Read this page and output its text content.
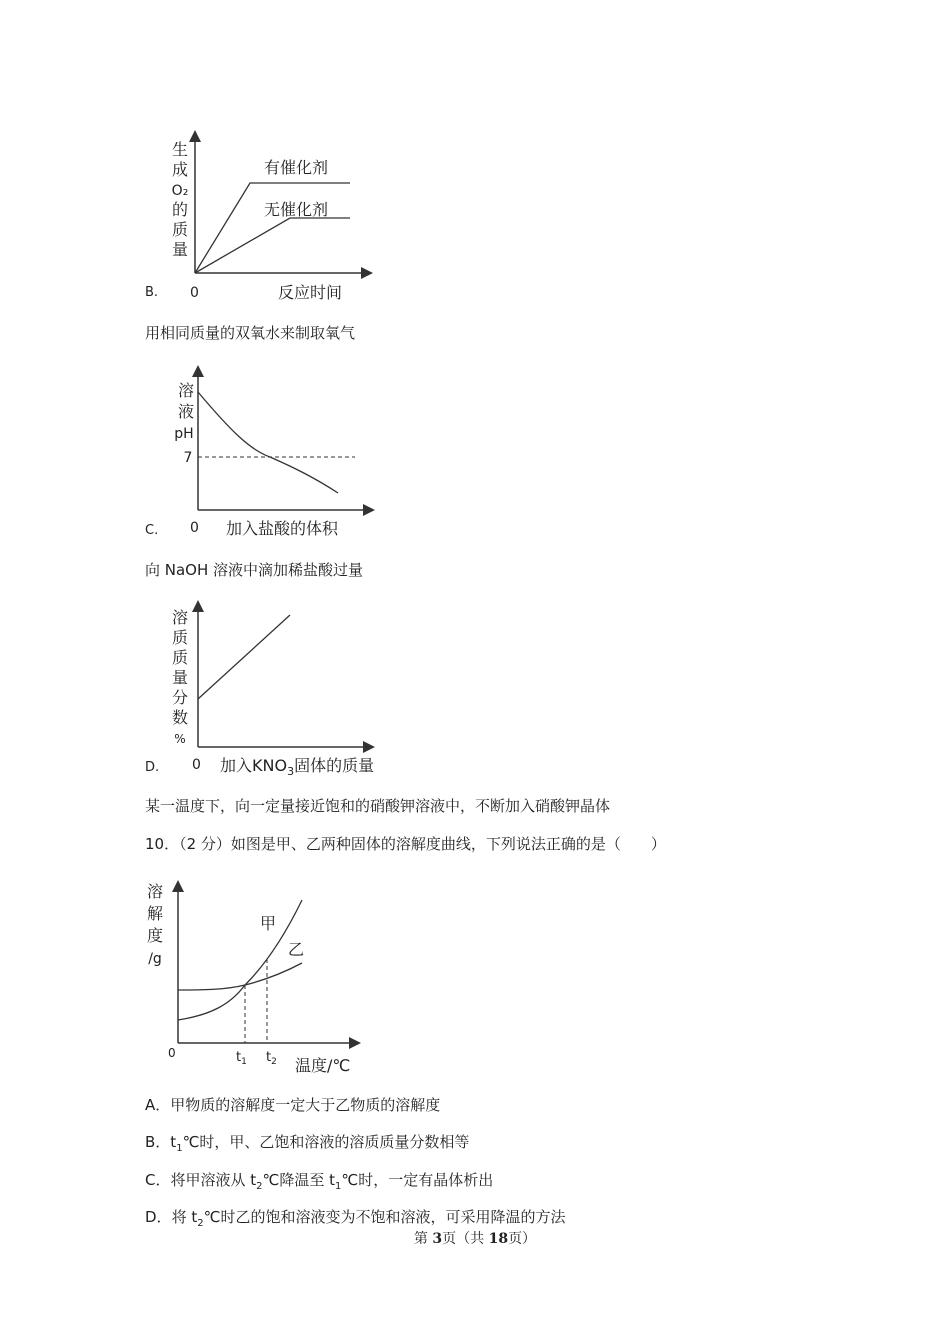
生
成
O₂
的
质
量
0	反应时间
有催化剂
无催化剂
B.
用相同质量的双氧水来制取氧气
溶
液
pH
7
0 加入盐酸的体积
C.
向 NaOH 溶液中滴加稀盐酸过量
溶
质
质
量
分
数
%
0 加入$KNO_3$固体的质量
D.
某一温度下，向一定量接近饱和的硝酸钾溶液中，不断加入硝酸钾晶体
10．（2 分）如图是甲、乙两种固体的溶解度曲线，下列说法正确的是（　　）
溶
解
度
/g
0	$t_1$ $t_2$ 温度/℃
甲
乙
A．甲物质的溶解度一定大于乙物质的溶解度
B．$t_1℃$时，甲、乙饱和溶液的溶质质量分数相等
C．将甲溶液从 $t_2℃$降温至 $t_1℃$时，一定有晶体析出
D．将 $t_2℃$时乙的饱和溶液变为不饱和溶液，可采用降温的方法
第 3页（共 18页）
